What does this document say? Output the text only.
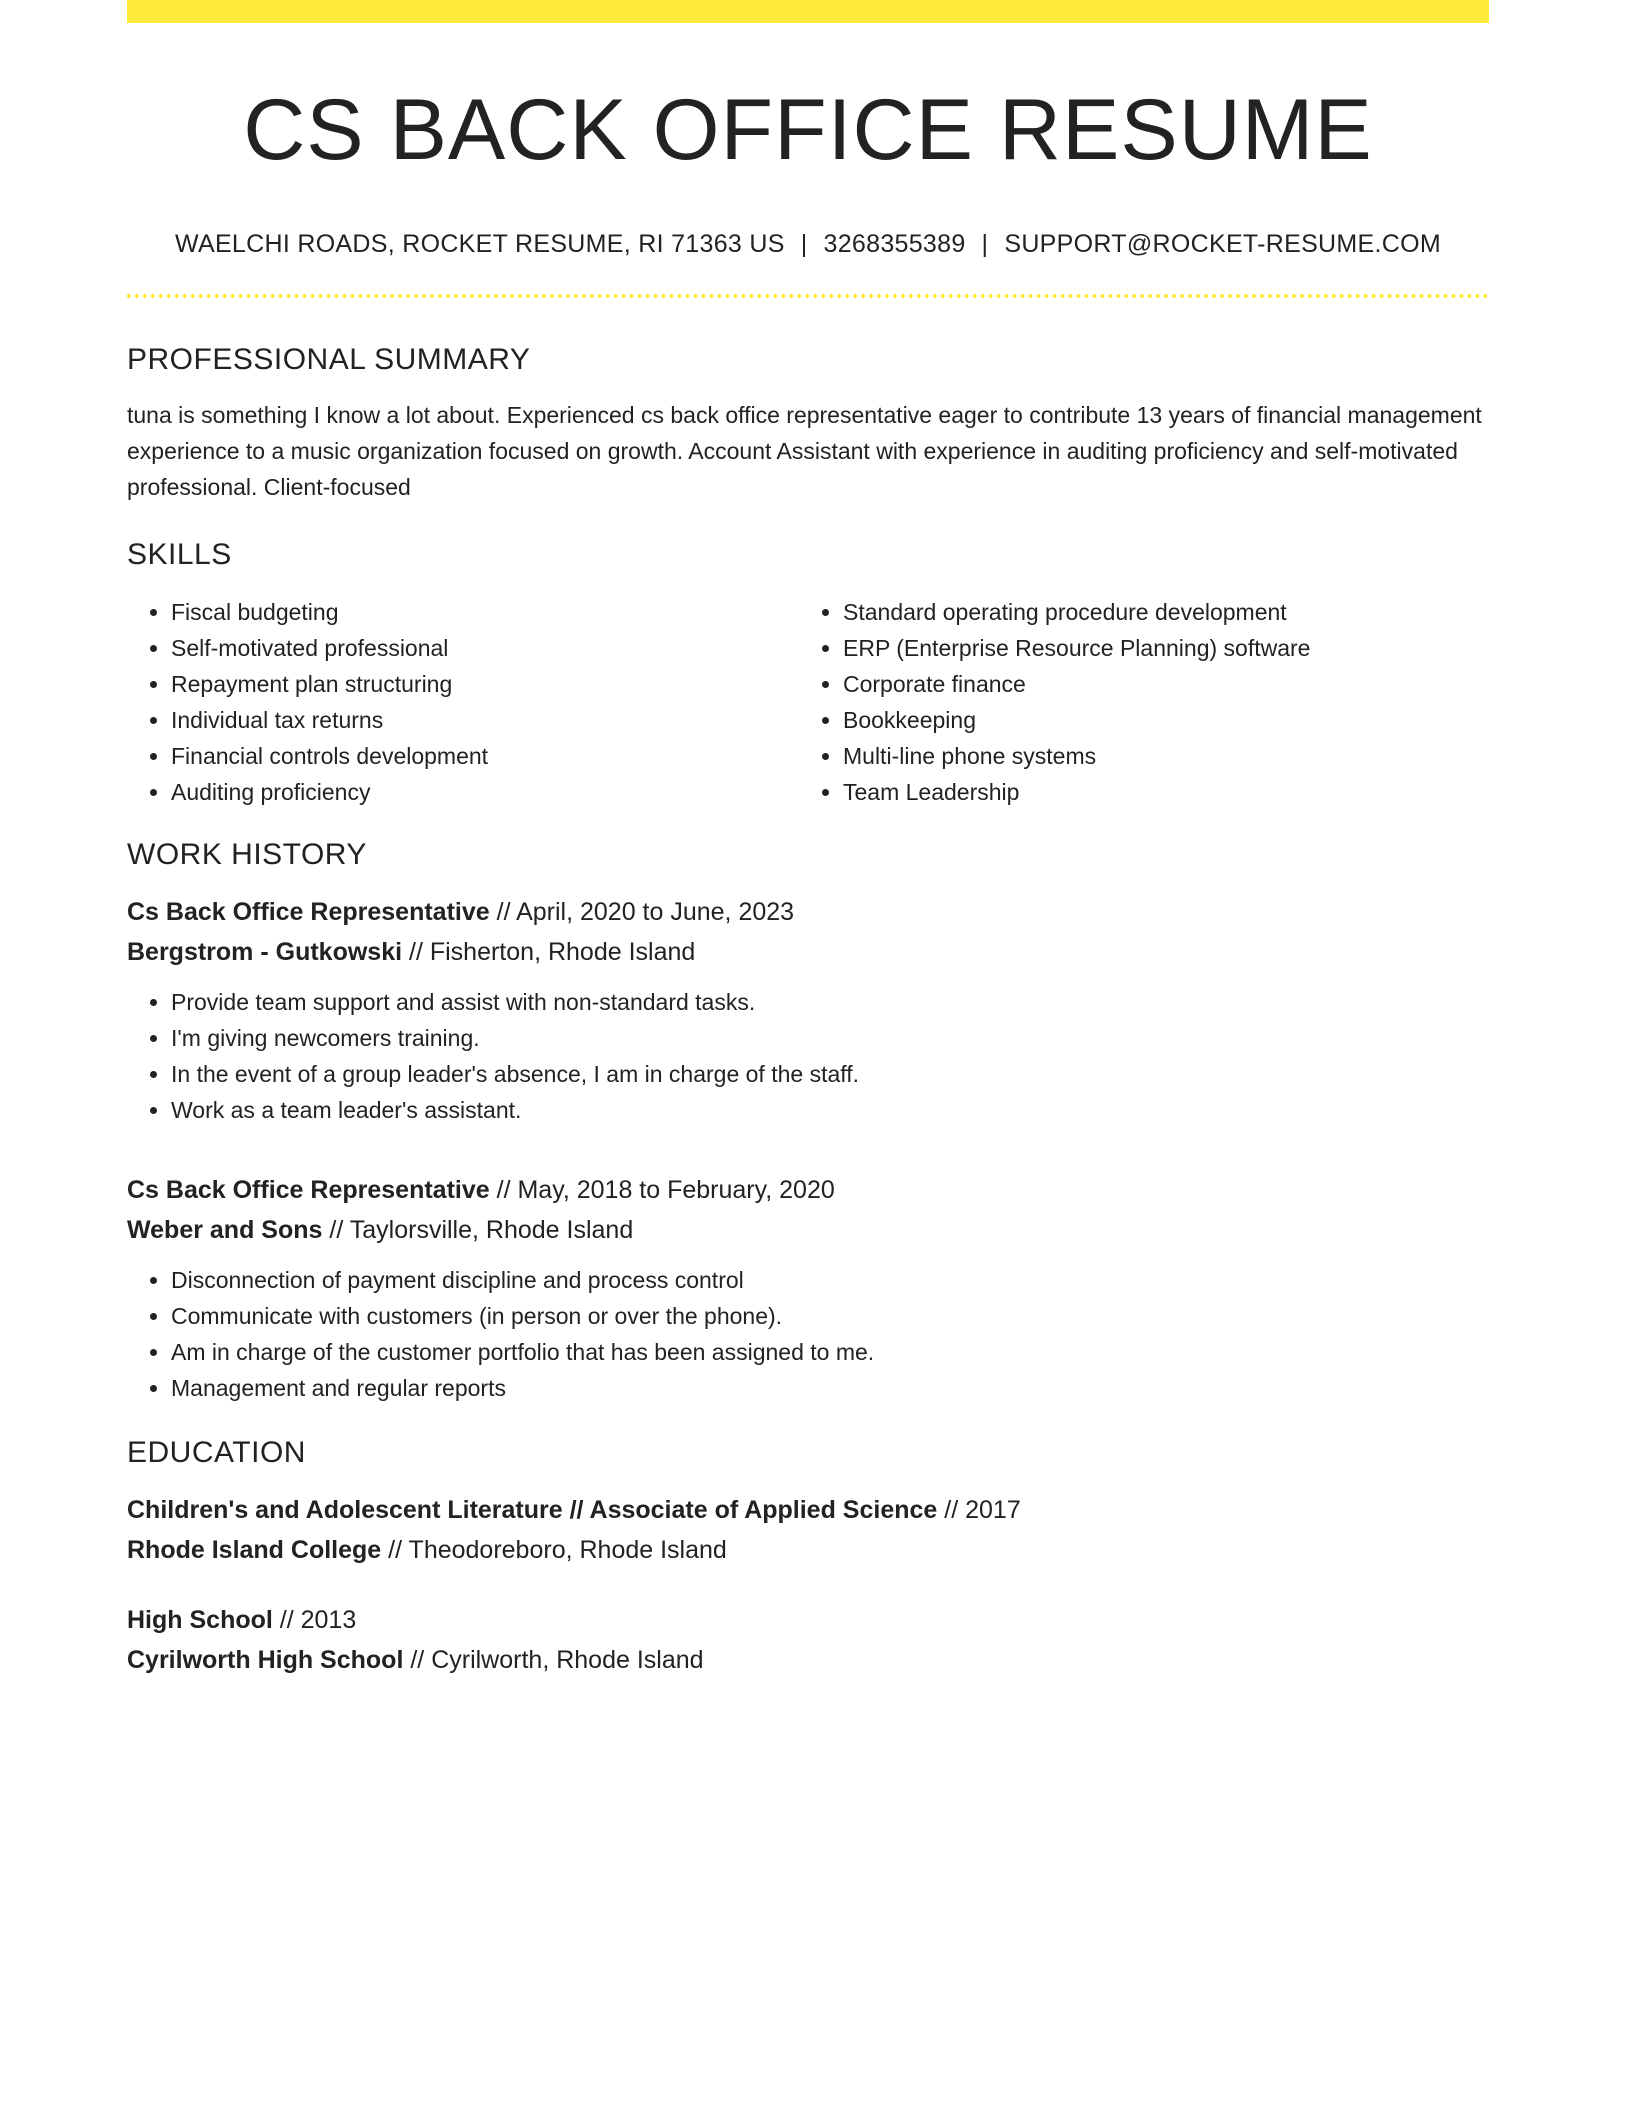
CS BACK OFFICE RESUME
WAELCHI ROADS, ROCKET RESUME, RI 71363 US | 3268355389 | SUPPORT@ROCKET-RESUME.COM
PROFESSIONAL SUMMARY
tuna is something I know a lot about. Experienced cs back office representative eager to contribute 13 years of financial management experience to a music organization focused on growth. Account Assistant with experience in auditing proficiency and self-motivated professional. Client-focused
SKILLS
• Fiscal budgeting
• Self-motivated professional
• Repayment plan structuring
• Individual tax returns
• Financial controls development
• Auditing proficiency
• Standard operating procedure development
• ERP (Enterprise Resource Planning) software
• Corporate finance
• Bookkeeping
• Multi-line phone systems
• Team Leadership
WORK HISTORY
Cs Back Office Representative // April, 2020 to June, 2023
Bergstrom - Gutkowski // Fisherton, Rhode Island
• Provide team support and assist with non-standard tasks.
• I'm giving newcomers training.
• In the event of a group leader's absence, I am in charge of the staff.
• Work as a team leader's assistant.
Cs Back Office Representative // May, 2018 to February, 2020
Weber and Sons // Taylorsville, Rhode Island
• Disconnection of payment discipline and process control
• Communicate with customers (in person or over the phone).
• Am in charge of the customer portfolio that has been assigned to me.
• Management and regular reports
EDUCATION
Children's and Adolescent Literature // Associate of Applied Science // 2017
Rhode Island College // Theodoreboro, Rhode Island
High School // 2013
Cyrilworth High School // Cyrilworth, Rhode Island
